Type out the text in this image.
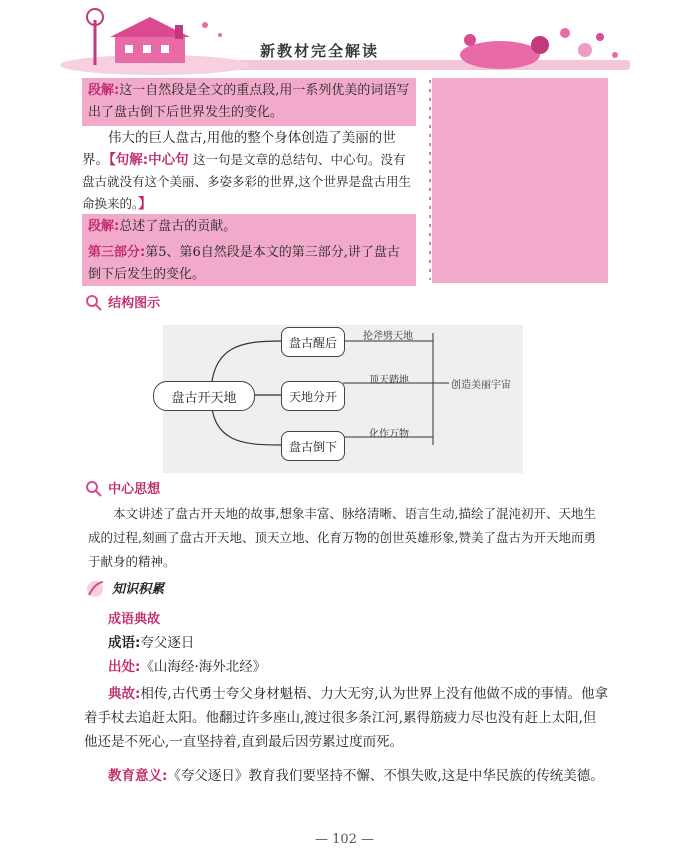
新教材完全解读
段解:这一自然段是全文的重点段,用一系列优美的词语写出了盘古倒下后世界发生的变化。
伟大的巨人盘古,用他的整个身体创造了美丽的世界。【句解:中心句 这一句是文章的总结句、中心句。没有盘古就没有这个美丽、多姿多彩的世界,这个世界是盘古用生命换来的。】
段解:总述了盘古的贡献。
第三部分:第5、第6自然段是本文的第三部分,讲了盘古倒下后发生的变化。
结构图示
盘古开天地
盘古醒后
天地分开
盘古倒下
抡斧劈天地
顶天踏地
化作万物
创造美丽宇宙
中心思想
本文讲述了盘古开天地的故事,想象丰富、脉络清晰、语言生动,描绘了混沌初开、天地生成的过程,刻画了盘古开天地、顶天立地、化育万物的创世英雄形象,赞美了盘古为开天地而勇于献身的精神。
知识积累
成语典故
成语:夸父逐日
出处:《山海经·海外北经》
典故:相传,古代勇士夸父身材魁梧、力大无穷,认为世界上没有他做不成的事情。他拿着手杖去追赶太阳。他翻过许多座山,渡过很多条江河,累得筋疲力尽也没有赶上太阳,但他还是不死心,一直坚持着,直到最后因劳累过度而死。
教育意义:《夸父逐日》教育我们要坚持不懈、不惧失败,这是中华民族的传统美德。
— 102 —
